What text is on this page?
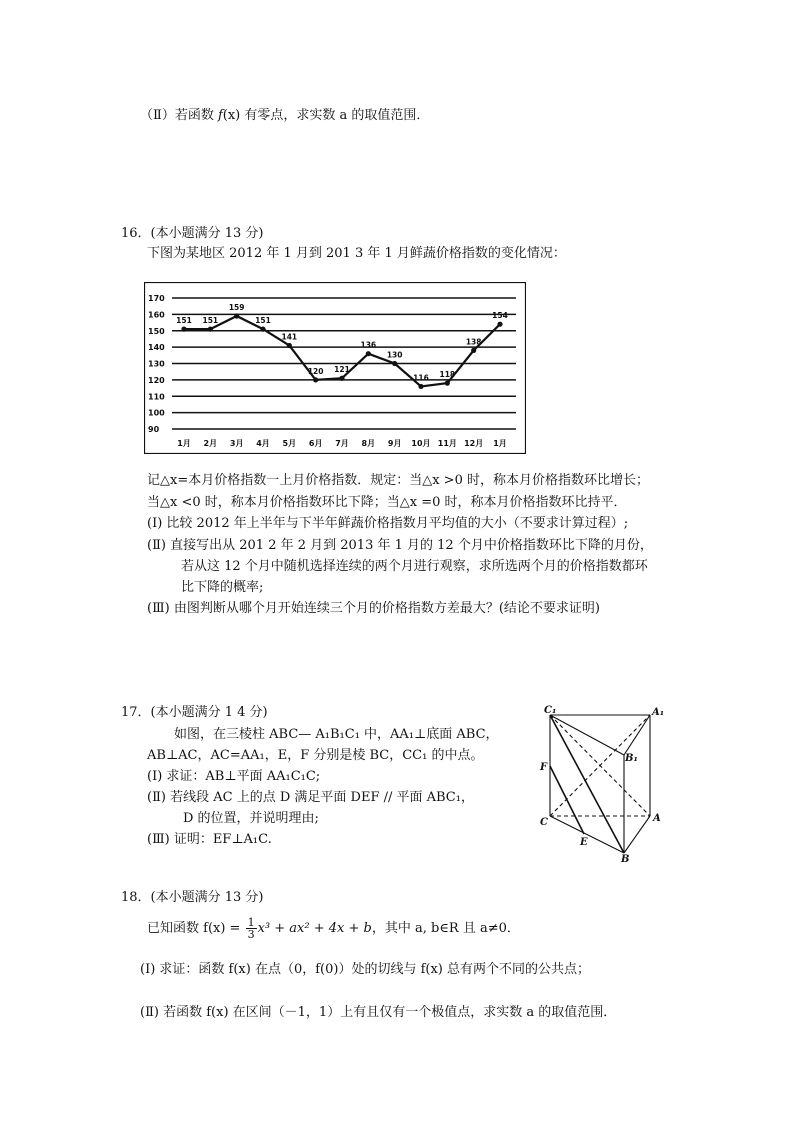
（Ⅱ）若函数 f(x) 有零点，求实数 a 的取值范围．
16．(本小题满分 13 分)
下图为某地区 2012 年 1 月到 201 3 年 1 月鲜蔬价格指数的变化情况：
170
160
150
140
130
120
110
100
90
1月 2月 3月 4月 5月 6月 7月 8月 9月 10月 11月 12月 1月
151 151
159
151
141
120 121
136
130
116 118
138
154
记△x=本月价格指数一上月价格指数．规定：当△x >0 时，称本月价格指数环比增长；
当△x <0 时，称本月价格指数环比下降；当△x =0 时，称本月价格指数环比持平．
(I) 比较 2012 年上半年与下半年鲜蔬价格指数月平均值的大小（不要求计算过程）;
(Ⅱ) 直接写出从 201 2 年 2 月到 2013 年 1 月的 12 个月中价格指数环比下降的月份，
若从这 12 个月中随机选择连续的两个月进行观察，求所选两个月的价格指数都环
比下降的概率;
(Ⅲ) 由图判断从哪个月开始连续三个月的价格指数方差最大？(结论不要求证明)
17．(本小题满分 1 4 分)
如图，在三棱柱 ABC— A₁B₁C₁ 中，AA₁⊥底面 ABC，
AB⊥AC，AC=AA₁，E，F 分别是棱 BC，CC₁ 的中点。
(I) 求证：AB⊥平面 AA₁C₁C;
(Ⅱ) 若线段 AC 上的点 D 满足平面 DEF // 平面 ABC₁，
D 的位置，并说明理由;
(Ⅲ) 证明：EF⊥A₁C.
C₁	A₁
B₁
F
C	A
E
B
18．(本小题满分 13 分)
已知函数 $f(x) = \frac{1}{3} x^3 + ax^2 + 4x + b$，其中 a, b∈R 且 a≠0．
(I) 求证：函数 f(x) 在点（0，f(0)）处的切线与 f(x) 总有两个不同的公共点；
(Ⅱ) 若函数 f(x) 在区间（－1，1）上有且仅有一个极值点，求实数 a 的取值范围．
